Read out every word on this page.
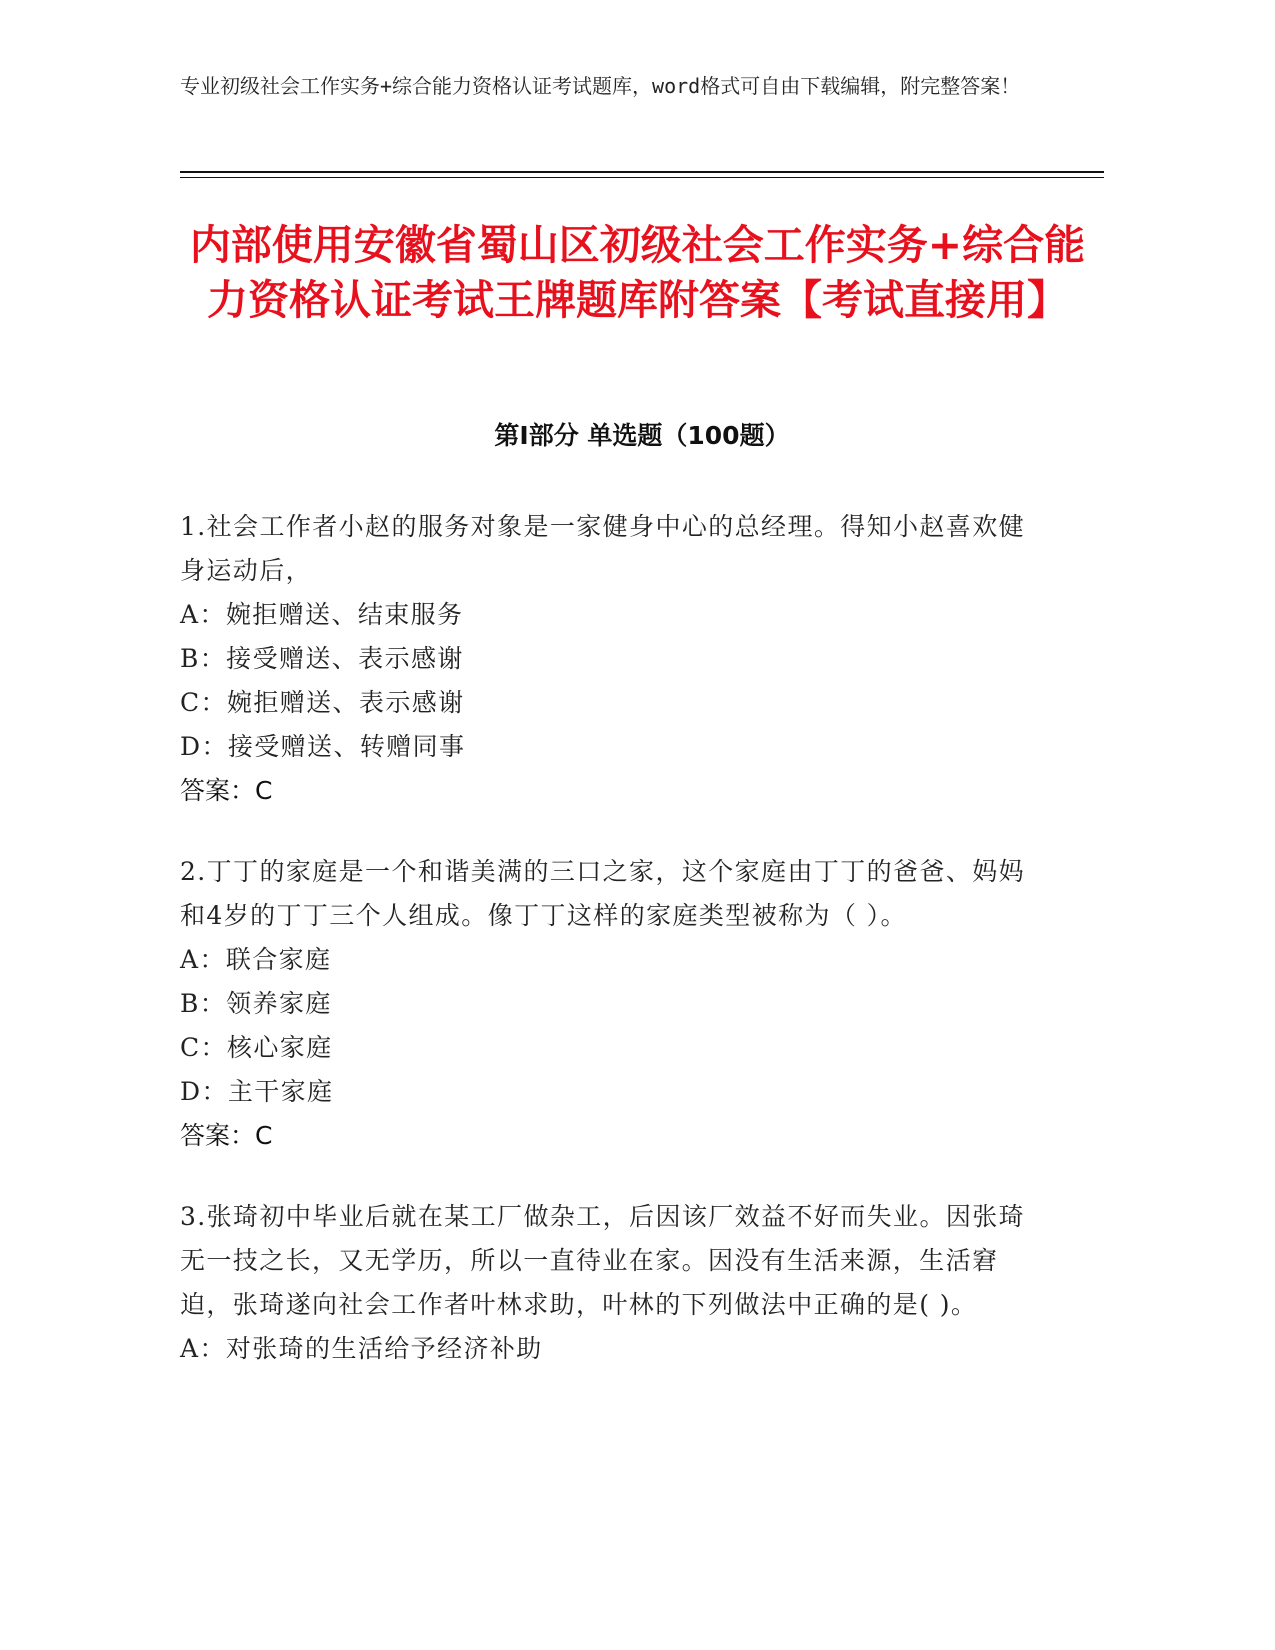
专业初级社会工作实务+综合能力资格认证考试题库，word格式可自由下载编辑，附完整答案！
内部使用安徽省蜀山区初级社会工作实务+综合能力资格认证考试王牌题库附答案【考试直接用】
第Ⅰ部分 单选题（100题）
1.社会工作者小赵的服务对象是一家健身中心的总经理。得知小赵喜欢健身运动后，
A：婉拒赠送、结束服务
B：接受赠送、表示感谢
C：婉拒赠送、表示感谢
D：接受赠送、转赠同事
答案：C
2.丁丁的家庭是一个和谐美满的三口之家，这个家庭由丁丁的爸爸、妈妈和4岁的丁丁三个人组成。像丁丁这样的家庭类型被称为（ ）。
A：联合家庭
B：领养家庭
C：核心家庭
D：主干家庭
答案：C
3.张琦初中毕业后就在某工厂做杂工，后因该厂效益不好而失业。因张琦无一技之长，又无学历，所以一直待业在家。因没有生活来源，生活窘迫，张琦遂向社会工作者叶林求助，叶林的下列做法中正确的是( )。
A：对张琦的生活给予经济补助
